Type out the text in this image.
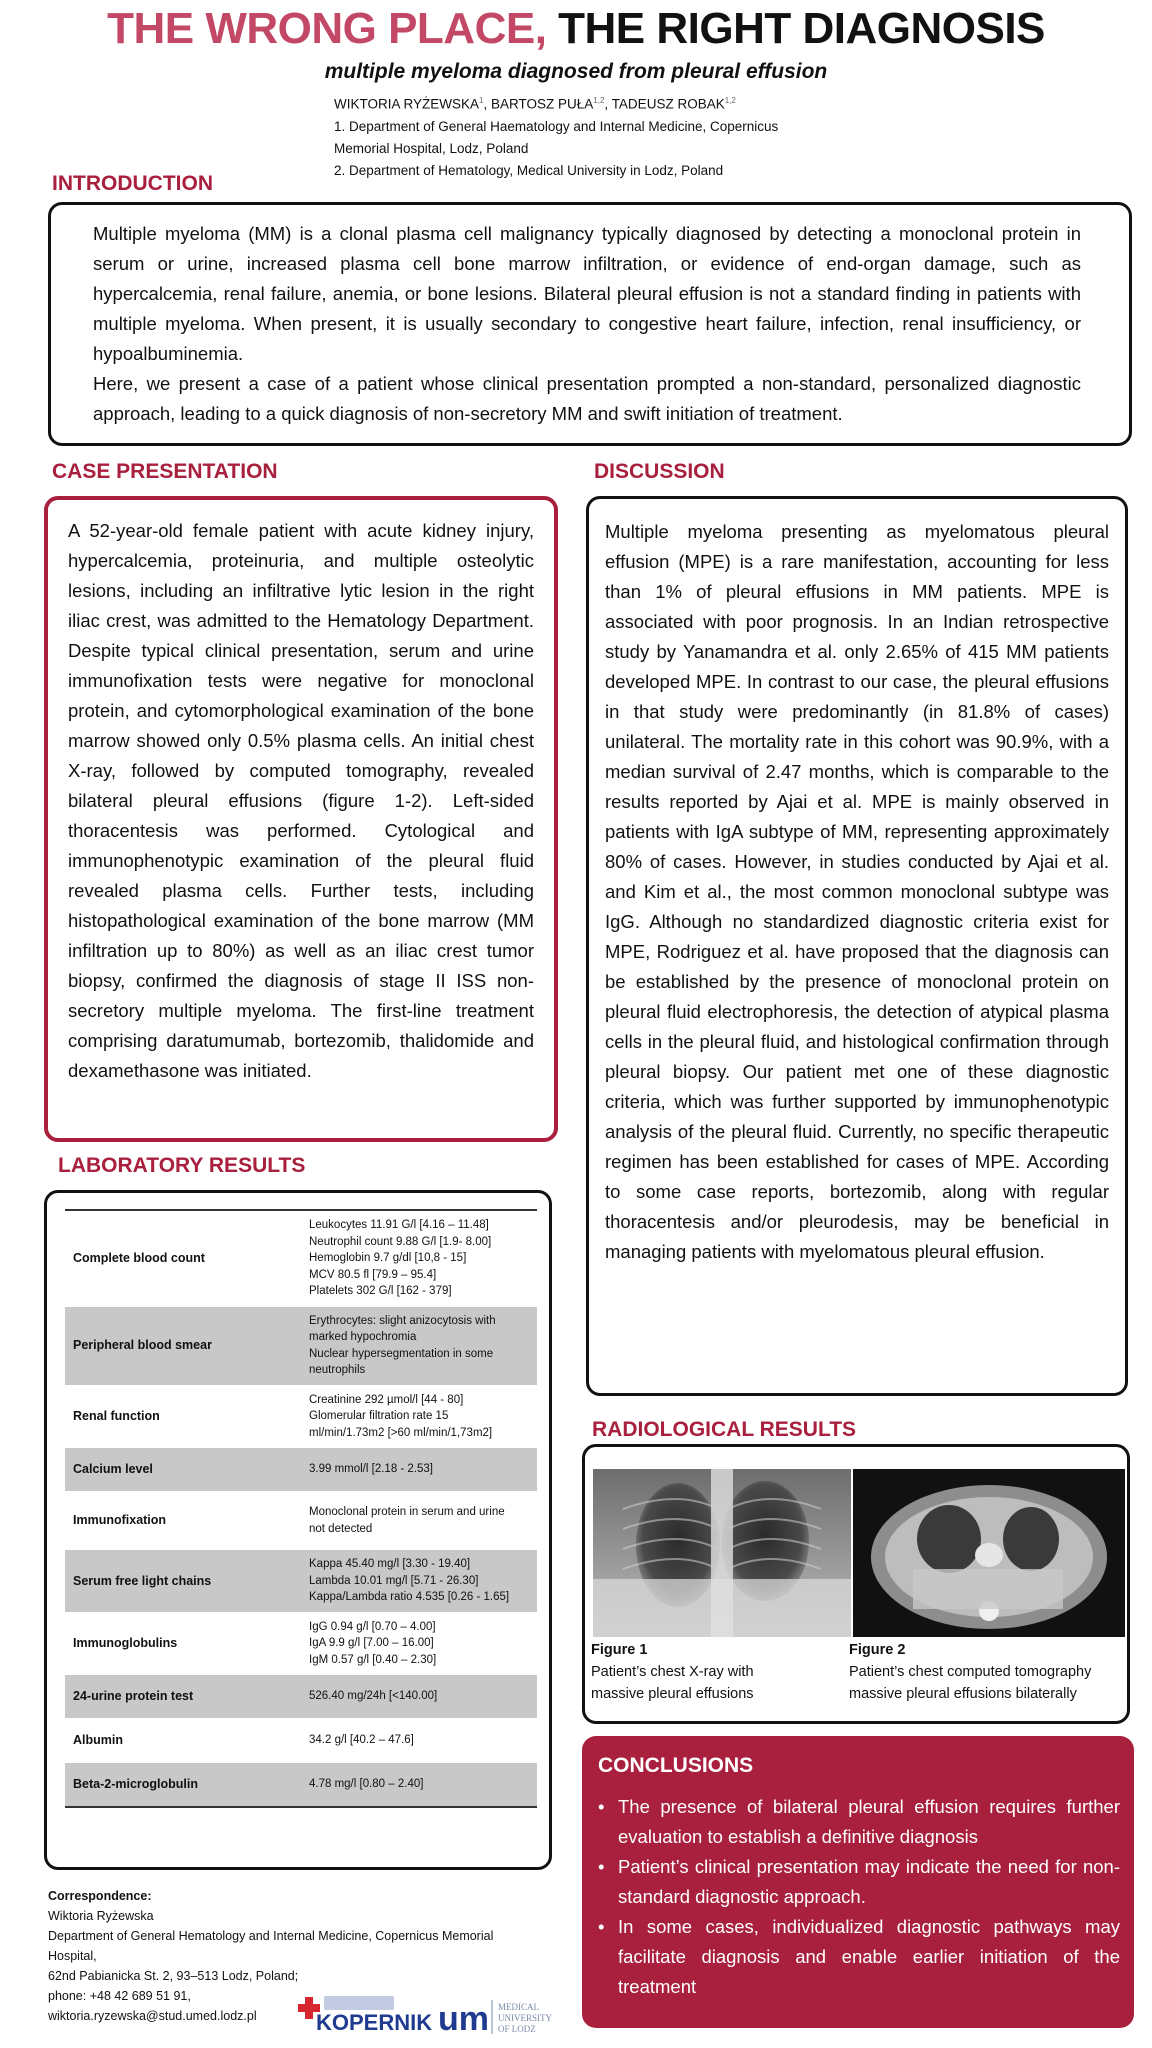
THE WRONG PLACE, THE RIGHT DIAGNOSIS
multiple myeloma diagnosed from pleural effusion
WIKTORIA RYŻEWSKA$^1$, BARTOSZ PUŁA$^{1,2}$, TADEUSZ ROBAK$^{1,2}$
1. Department of General Haematology and Internal Medicine, Copernicus
Memorial Hospital, Lodz, Poland
2. Department of Hematology, Medical University in Lodz, Poland
INTRODUCTION

Multiple myeloma (MM) is a clonal plasma cell malignancy typically diagnosed by detecting a monoclonal protein in serum or urine, increased plasma cell bone marrow infiltration, or evidence of end-organ damage, such as hypercalcemia, renal failure, anemia, or bone lesions. Bilateral pleural effusion is not a standard finding in patients with multiple myeloma. When present, it is usually secondary to congestive heart failure, infection, renal insufficiency, or hypoalbuminemia.

Here, we present a case of a patient whose clinical presentation prompted a non-standard, personalized diagnostic approach, leading to a quick diagnosis of non-secretory MM and swift initiation of treatment.

CASE PRESENTATION

A 52-year-old female patient with acute kidney injury, hypercalcemia, proteinuria, and multiple osteolytic lesions, including an infiltrative lytic lesion in the right iliac crest, was admitted to the Hematology Department. Despite typical clinical presentation, serum and urine immunofixation tests were negative for monoclonal protein, and cytomorphological examination of the bone marrow showed only 0.5% plasma cells. An initial chest X-ray, followed by computed tomography, revealed bilateral pleural effusions (figure 1-2). Left-sided thoracentesis was performed. Cytological and immunophenotypic examination of the pleural fluid revealed plasma cells. Further tests, including histopathological examination of the bone marrow (MM infiltration up to 80%) as well as an iliac crest tumor biopsy, confirmed the diagnosis of stage II ISS non-secretory multiple myeloma. The first-line treatment comprising daratumumab, bortezomib, thalidomide and dexamethasone was initiated.

DISCUSSION

Multiple myeloma presenting as myelomatous pleural effusion (MPE) is a rare manifestation, accounting for less than 1% of pleural effusions in MM patients. MPE is associated with poor prognosis. In an Indian retrospective study by Yanamandra et al. only 2.65% of 415 MM patients developed MPE. In contrast to our case, the pleural effusions in that study were predominantly (in 81.8% of cases) unilateral. The mortality rate in this cohort was 90.9%, with a median survival of 2.47 months, which is comparable to the results reported by Ajai et al. MPE is mainly observed in patients with IgA subtype of MM, representing approximately 80% of cases. However, in studies conducted by Ajai et al. and Kim et al., the most common monoclonal subtype was IgG. Although no standardized diagnostic criteria exist for MPE, Rodriguez et al. have proposed that the diagnosis can be established by the presence of monoclonal protein on pleural fluid electrophoresis, the detection of atypical plasma cells in the pleural fluid, and histological confirmation through pleural biopsy. Our patient met one of these diagnostic criteria, which was further supported by immunophenotypic analysis of the pleural fluid. Currently, no specific therapeutic regimen has been established for cases of MPE. According to some case reports, bortezomib, along with regular thoracentesis and/or pleurodesis, may be beneficial in managing patients with myelomatous pleural effusion.

LABORATORY RESULTS
Complete blood count	Leukocytes 11.91 G/l [4.16 – 11.48]
Neutrophil count 9.88 G/l [1.9- 8.00]
Hemoglobin 9.7 g/dl [10,8 - 15]
MCV 80.5 fl [79.9 – 95.4]
Platelets 302 G/l [162 - 379]

Peripheral blood smear	Erythrocytes: slight anizocytosis with
marked hypochromia
Nuclear hypersegmentation in some
neutrophils

Renal function	Creatinine 292 µmol/l [44 - 80]
Glomerular filtration rate 15
ml/min/1.73m2 [>60 ml/min/1,73m2]

Calcium level	3.99 mmol/l [2.18 - 2.53]

Immunofixation	Monoclonal protein in serum and urine
not detected

Serum free light chains	Kappa 45.40 mg/l [3.30 - 19.40]
Lambda 10.01 mg/l [5.71 - 26.30]
Kappa/Lambda ratio 4.535 [0.26 - 1.65]

Immunoglobulins	IgG 0.94 g/l [0.70 – 4.00]
IgA 9.9 g/l [7.00 – 16.00]
IgM 0.57 g/l [0.40 – 2.30]

24-urine protein test	526.40 mg/24h [<140.00]

Albumin	34.2 g/l [40.2 – 47.6]

Beta-2-microglobulin	4.78 mg/l [0.80 – 2.40]
Correspondence:
Wiktoria Ryżewska
Department of General Hematology and Internal Medicine, Copernicus Memorial
Hospital,
62nd Pabianicka St. 2, 93–513 Lodz, Poland;
phone: +48 42 689 51 91,
wiktoria.ryzewska@stud.umed.lodz.pl	KOPERNIK um MEDICAL
UNIVERSITY
OF LODZ
RADIOLOGICAL RESULTS
Figure 1
Patient’s chest X-ray with
massive pleural effusions
Figure 2
Patient’s chest computed tomography
massive pleural effusions bilaterally
CONCLUSIONS
• The presence of bilateral pleural effusion requires further evaluation to establish a definitive diagnosis
• Patient’s clinical presentation may indicate the need for non-standard diagnostic approach.
• In some cases, individualized diagnostic pathways may facilitate diagnosis and enable earlier initiation of the treatment
